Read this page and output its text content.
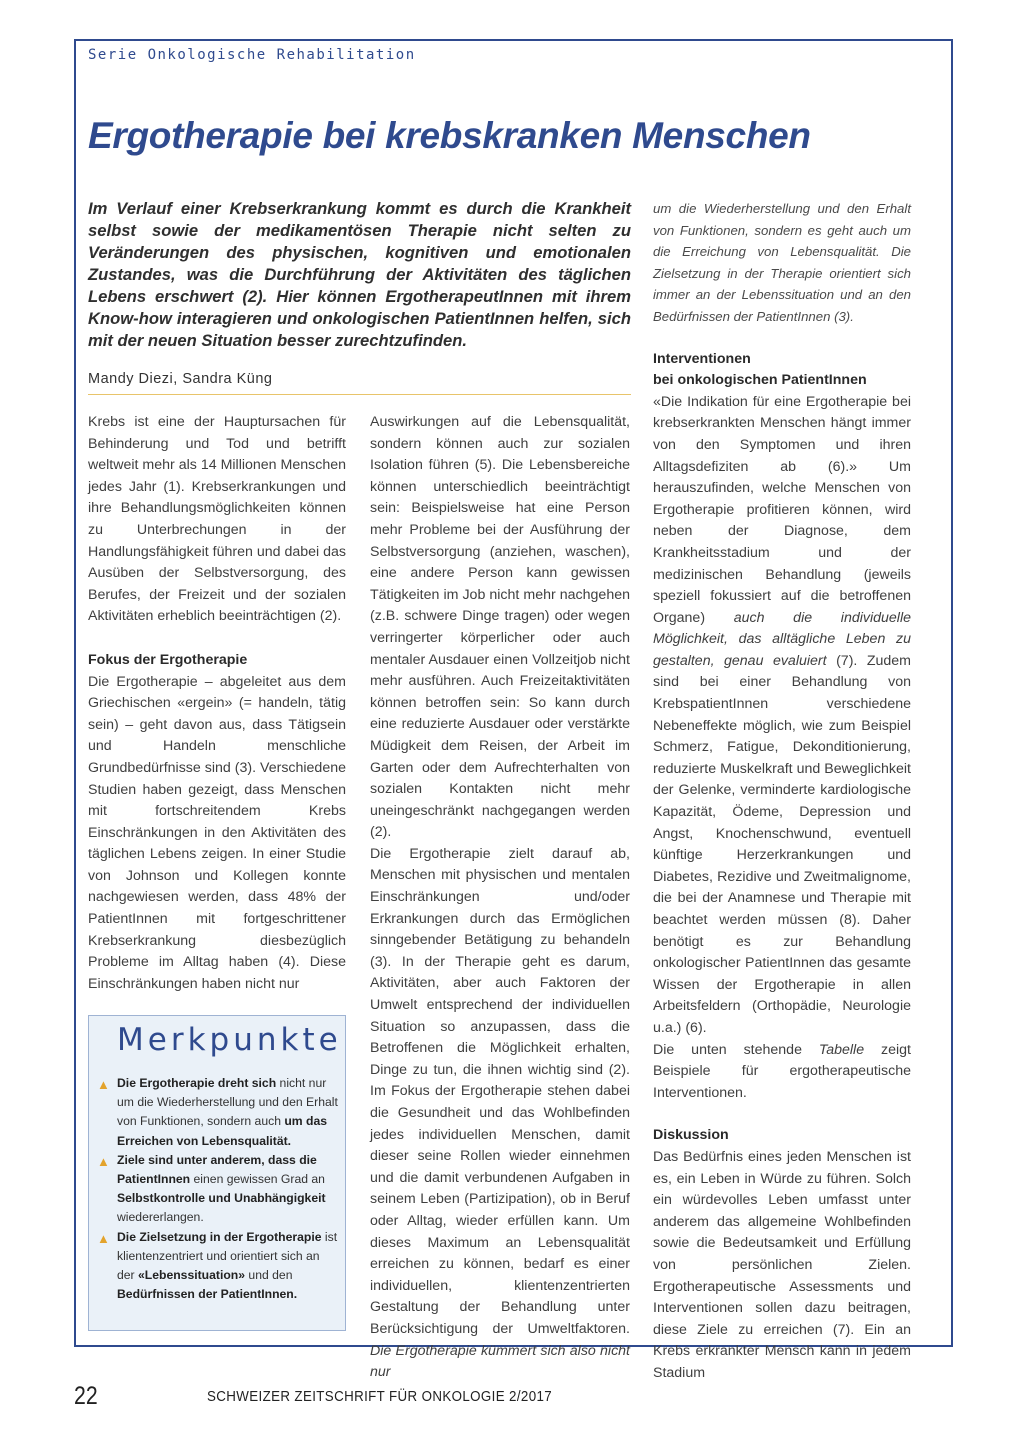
Serie Onkologische Rehabilitation
Ergotherapie bei krebskranken Menschen

Im Verlauf einer Krebserkrankung kommt es durch die Krankheit selbst sowie der medikamentösen Therapie nicht selten zu Veränderungen des physischen, kognitiven und emotionalen Zustandes, was die Durchführung der Aktivitäten des täglichen Lebens erschwert (2). Hier können ErgotherapeutInnen mit ihrem Know-how interagieren und onkologischen PatientInnen helfen, sich mit der neuen Situation besser zurechtzufinden.

Mandy Diezi, Sandra Küng

Krebs ist eine der Hauptursachen für Behinderung und Tod und betrifft weltweit mehr als 14 Millionen Menschen jedes Jahr (1). Krebserkrankungen und ihre Behandlungsmöglichkeiten können zu Unterbrechungen in der Handlungsfähigkeit führen und dabei das Ausüben der Selbstversorgung, des Berufes, der Freizeit und der sozialen Aktivitäten erheblich beeinträchtigen (2).

Fokus der Ergotherapie

Die Ergotherapie – abgeleitet aus dem Griechischen «ergein» (= handeln, tätig sein) – geht davon aus, dass Tätigsein und Handeln menschliche Grundbedürfnisse sind (3). Verschiedene Studien haben gezeigt, dass Menschen mit fortschreitendem Krebs Einschränkungen in den Aktivitäten des täglichen Lebens zeigen. In einer Studie von Johnson und Kollegen konnte nachgewiesen werden, dass 48% der PatientInnen mit fortgeschrittener Krebserkrankung diesbezüglich Probleme im Alltag haben (4). Diese Einschränkungen haben nicht nur

Auswirkungen auf die Lebensqualität, sondern können auch zur sozialen Isolation führen (5). Die Lebensbereiche können unterschiedlich beeinträchtigt sein: Beispielsweise hat eine Person mehr Probleme bei der Ausführung der Selbstversorgung (anziehen, waschen), eine andere Person kann gewissen Tätigkeiten im Job nicht mehr nachgehen (z.B. schwere Dinge tragen) oder wegen verringerter körperlicher oder auch mentaler Ausdauer einen Vollzeitjob nicht mehr ausführen. Auch Freizeitaktivitäten können betroffen sein: So kann durch eine reduzierte Ausdauer oder verstärkte Müdigkeit dem Reisen, der Arbeit im Garten oder dem Aufrechterhalten von sozialen Kontakten nicht mehr uneingeschränkt nachgegangen werden (2).

Die Ergotherapie zielt darauf ab, Menschen mit physischen und mentalen Einschränkungen und/oder Erkrankungen durch das Ermöglichen sinngebender Betätigung zu behandeln (3). In der Therapie geht es darum, Aktivitäten, aber auch Faktoren der Umwelt entsprechend der individuellen Situation so anzupassen, dass die Betroffenen die Möglichkeit erhalten, Dinge zu tun, die ihnen wichtig sind (2). Im Fokus der Ergotherapie stehen dabei die Gesundheit und das Wohlbefinden jedes individuellen Menschen, damit dieser seine Rollen wieder einnehmen und die damit verbundenen Aufgaben in seinem Leben (Partizipation), ob in Beruf oder Alltag, wieder erfüllen kann. Um dieses Maximum an Lebensqualität erreichen zu können, bedarf es einer individuellen, klientenzentrierten Gestaltung der Behandlung unter Berücksichtigung der Umweltfaktoren. Die Ergotherapie kümmert sich also nicht nur

um die Wiederherstellung und den Erhalt von Funktionen, sondern es geht auch um die Erreichung von Lebensqualität. Die Zielsetzung in der Therapie orientiert sich immer an der Lebenssituation und an den Bedürfnissen der PatientInnen (3).

Interventionen
bei onkologischen PatientInnen

«Die Indikation für eine Ergotherapie bei krebserkrankten Menschen hängt immer von den Symptomen und ihren Alltagsdefiziten ab (6).» Um herauszufinden, welche Menschen von Ergotherapie profitieren können, wird neben der Diagnose, dem Krankheitsstadium und der medizinischen Behandlung (jeweils speziell fokussiert auf die betroffenen Organe) auch die individuelle Möglichkeit, das alltägliche Leben zu gestalten, genau evaluiert (7). Zudem sind bei einer Behandlung von KrebspatientInnen verschiedene Nebeneffekte möglich, wie zum Beispiel Schmerz, Fatigue, Dekonditionierung, reduzierte Muskelkraft und Beweglichkeit der Gelenke, verminderte kardiologische Kapazität, Ödeme, Depression und Angst, Knochenschwund, eventuell künftige Herzerkrankungen und Diabetes, Rezidive und Zweitmalignome, die bei der Anamnese und Therapie mit beachtet werden müssen (8). Daher benötigt es zur Behandlung onkologischer PatientInnen das gesamte Wissen der Ergotherapie in allen Arbeitsfeldern (Orthopädie, Neurologie u.a.) (6).

Die unten stehende Tabelle zeigt Beispiele für ergotherapeutische Interventionen.

Diskussion

Das Bedürfnis eines jeden Menschen ist es, ein Leben in Würde zu führen. Solch ein würdevolles Leben umfasst unter anderem das allgemeine Wohlbefinden sowie die Bedeutsamkeit und Erfüllung von persönlichen Zielen. Ergotherapeutische Assessments und Interventionen sollen dazu beitragen, diese Ziele zu erreichen (7). Ein an Krebs erkrankter Mensch kann in jedem Stadium

Merkpunkte
▲ Die Ergotherapie dreht sich nicht nur um die Wiederherstellung und den Erhalt von Funktionen, sondern auch um das Erreichen von Lebensqualität.
▲ Ziele sind unter anderem, dass die PatientInnen einen gewissen Grad an Selbstkontrolle und Unabhängigkeit wiedererlangen.
▲ Die Zielsetzung in der Ergotherapie ist klientenzentriert und orientiert sich an der «Lebenssituation» und den Bedürfnissen der PatientInnen.
22	SCHWEIZER ZEITSCHRIFT FÜR ONKOLOGIE 2/2017
